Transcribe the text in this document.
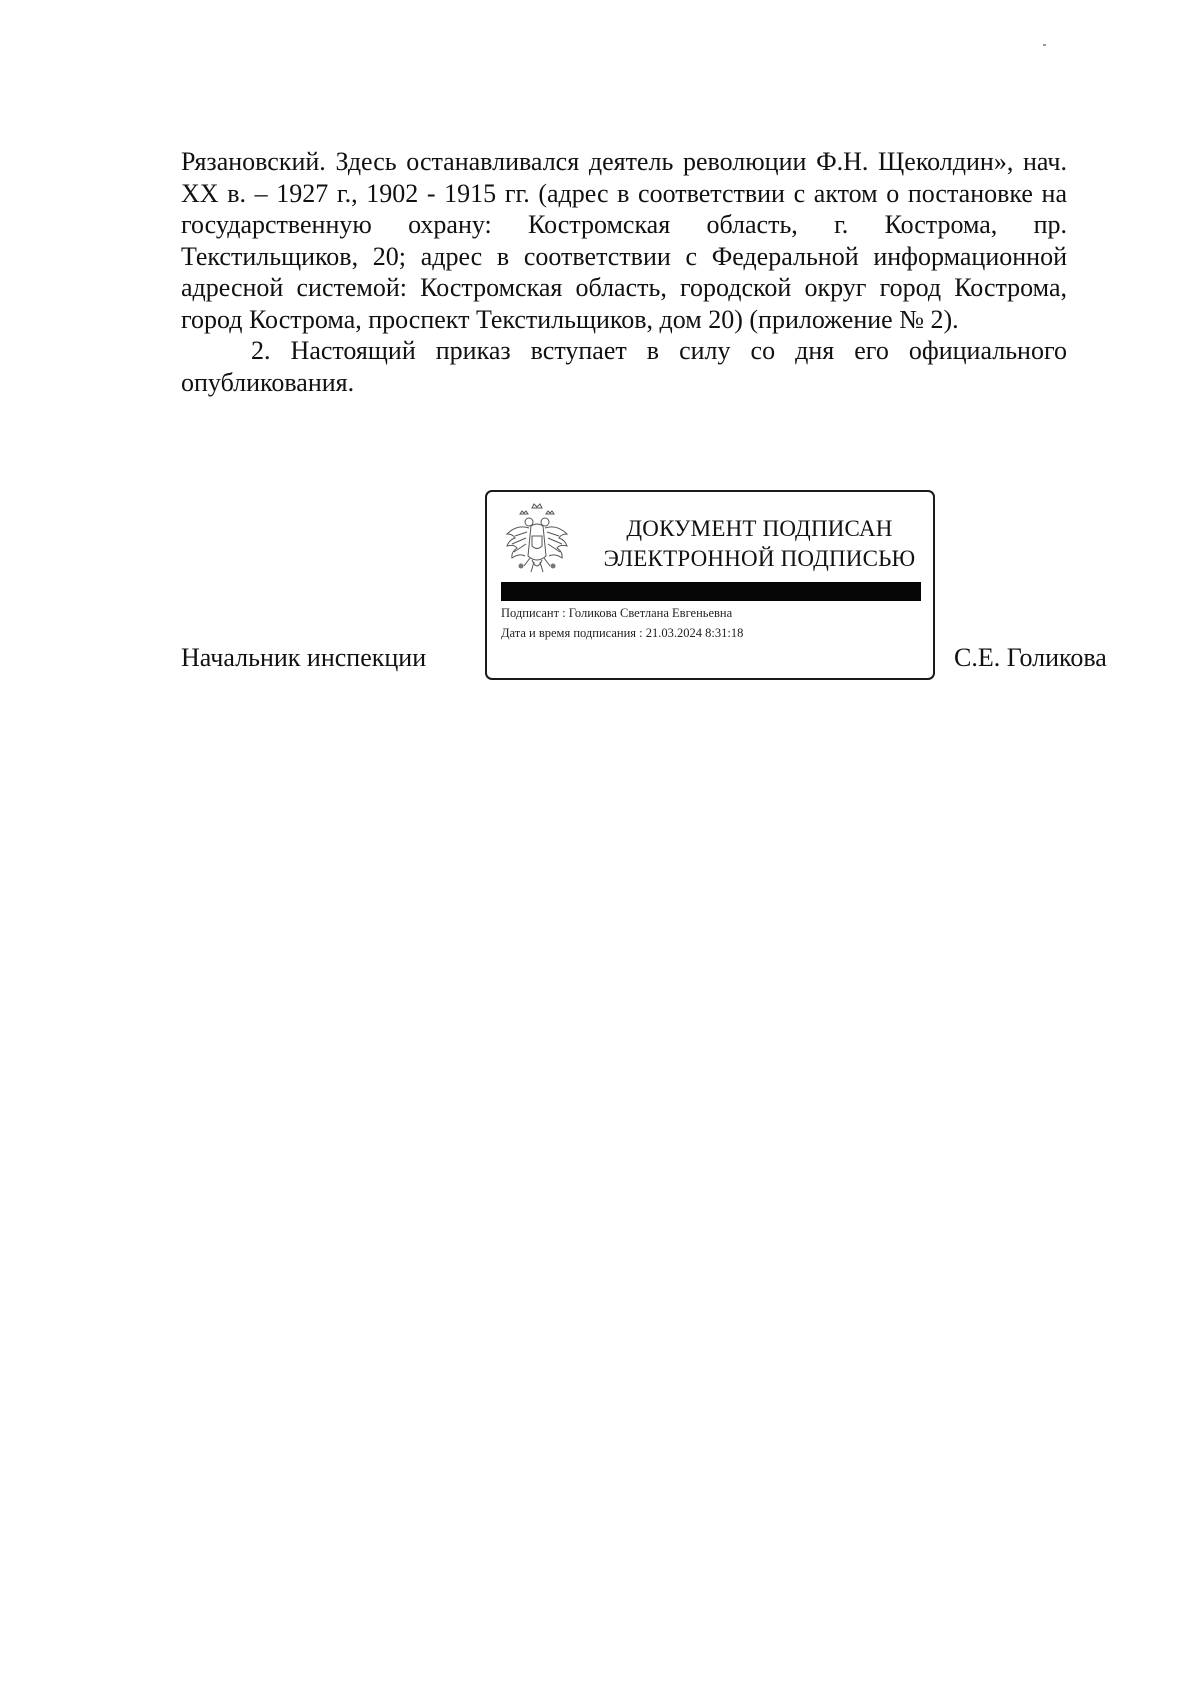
Рязановский. Здесь останавливался деятель революции Ф.Н. Щеколдин», нач. XX в. – 1927 г., 1902 - 1915 гг. (адрес в соответствии с актом о постановке на государственную охрану: Костромская область, г. Кострома, пр. Текстильщиков, 20; адрес в соответствии с Федеральной информационной адресной системой: Костромская область, городской округ город Кострома, город Кострома, проспект Текстильщиков, дом 20) (приложение № 2).

2. Настоящий приказ вступает в силу со дня его официального опубликования.

Начальник инспекции
ДОКУМЕНТ ПОДПИСАН
ЭЛЕКТРОННОЙ ПОДПИСЬЮ
Подписант : Голикова Светлана Евгеньевна
Дата и время подписания : 21.03.2024 8:31:18
С.Е. Голикова
